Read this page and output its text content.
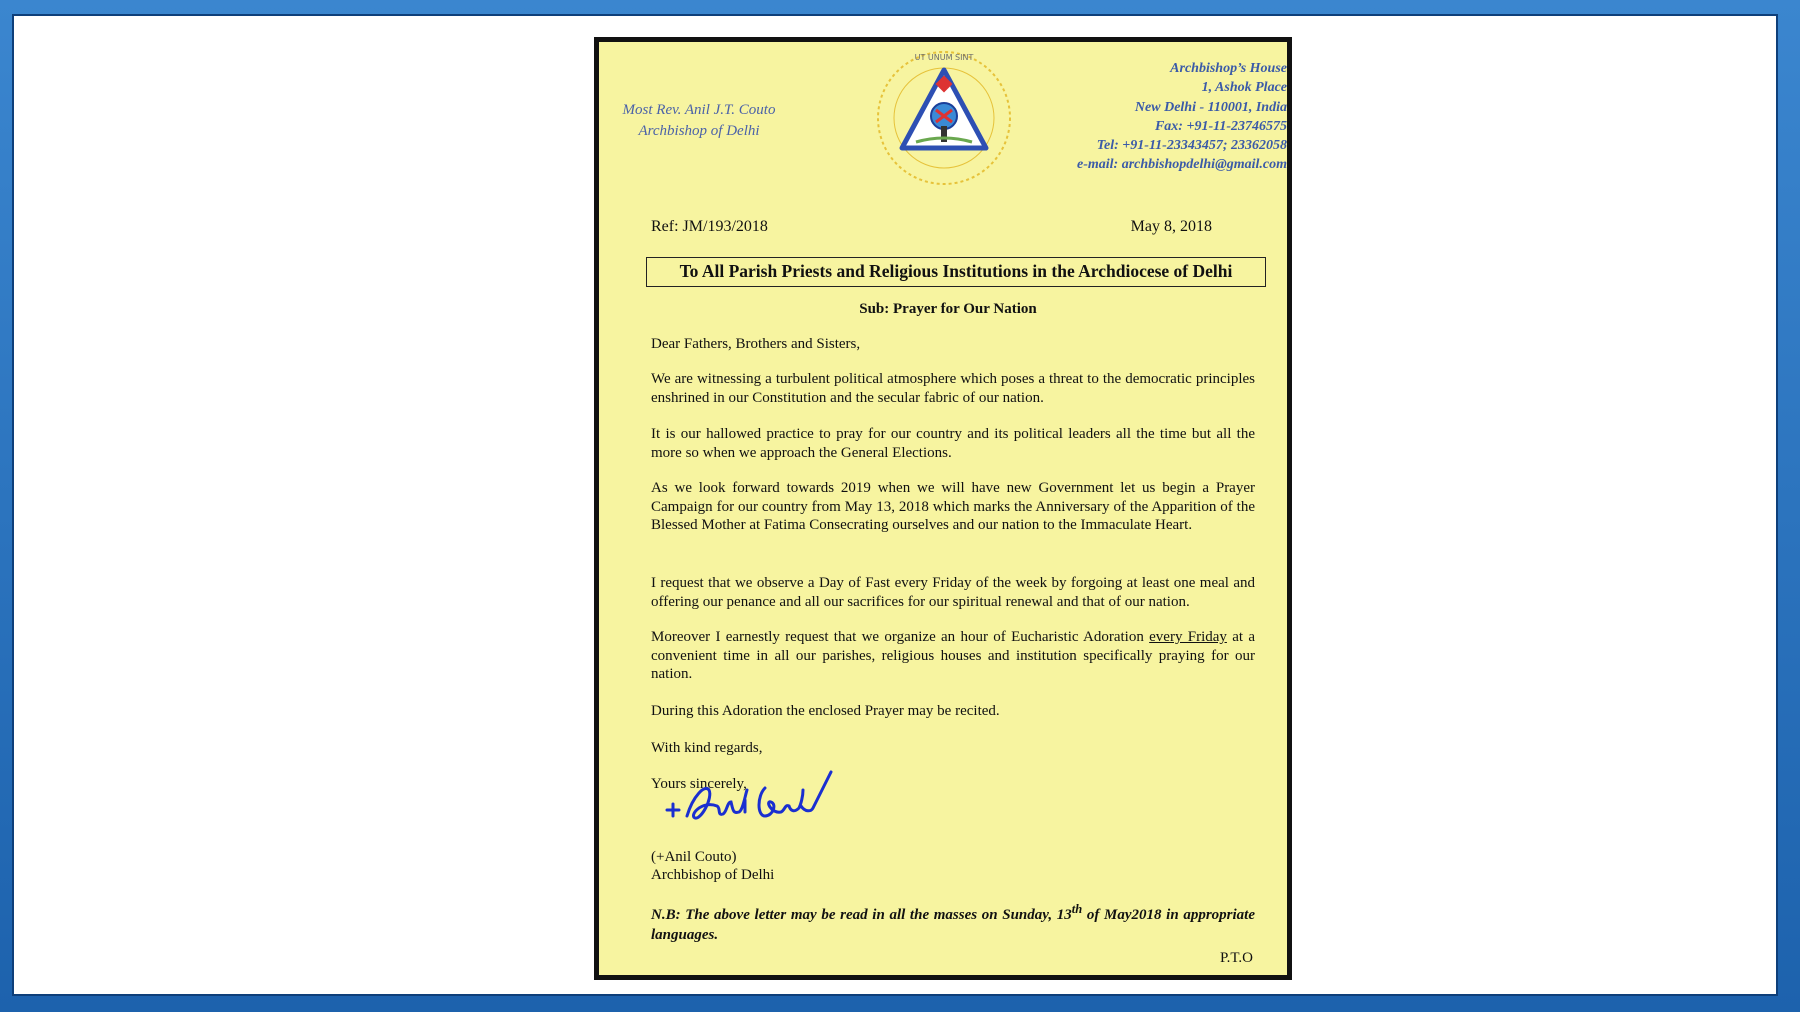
Most Rev. Anil J.T. Couto
Archbishop of Delhi
UT UNUM SINT
Archbishop’s House
1, Ashok Place
New Delhi - 110001, India
Fax: +91-11-23746575
Tel: +91-11-23343457; 23362058
e-mail: archbishopdelhi@gmail.com
Ref: JM/193/2018	May 8, 2018
To All Parish Priests and Religious Institutions in the Archdiocese of Delhi
Sub: Prayer for Our Nation
Dear Fathers, Brothers and Sisters,
We are witnessing a turbulent political atmosphere which poses a threat to the democratic principles enshrined in our Constitution and the secular fabric of our nation.
It is our hallowed practice to pray for our country and its political leaders all the time but all the more so when we approach the General Elections.
As we look forward towards 2019 when we will have new Government let us begin a Prayer Campaign for our country from May 13, 2018 which marks the Anniversary of the Apparition of the Blessed Mother at Fatima Consecrating ourselves and our nation to the Immaculate Heart.
I request that we observe a Day of Fast every Friday of the week by forgoing at least one meal and offering our penance and all our sacrifices for our spiritual renewal and that of our nation.
Moreover I earnestly request that we organize an hour of Eucharistic Adoration every Friday at a convenient time in all our parishes, religious houses and institution specifically praying for our nation.
During this Adoration the enclosed Prayer may be recited.
With kind regards,
Yours sincerely,
(+Anil Couto)
Archbishop of Delhi
N.B: The above letter may be read in all the masses on Sunday, 13th of May2018 in appropriate languages.
P.T.O
